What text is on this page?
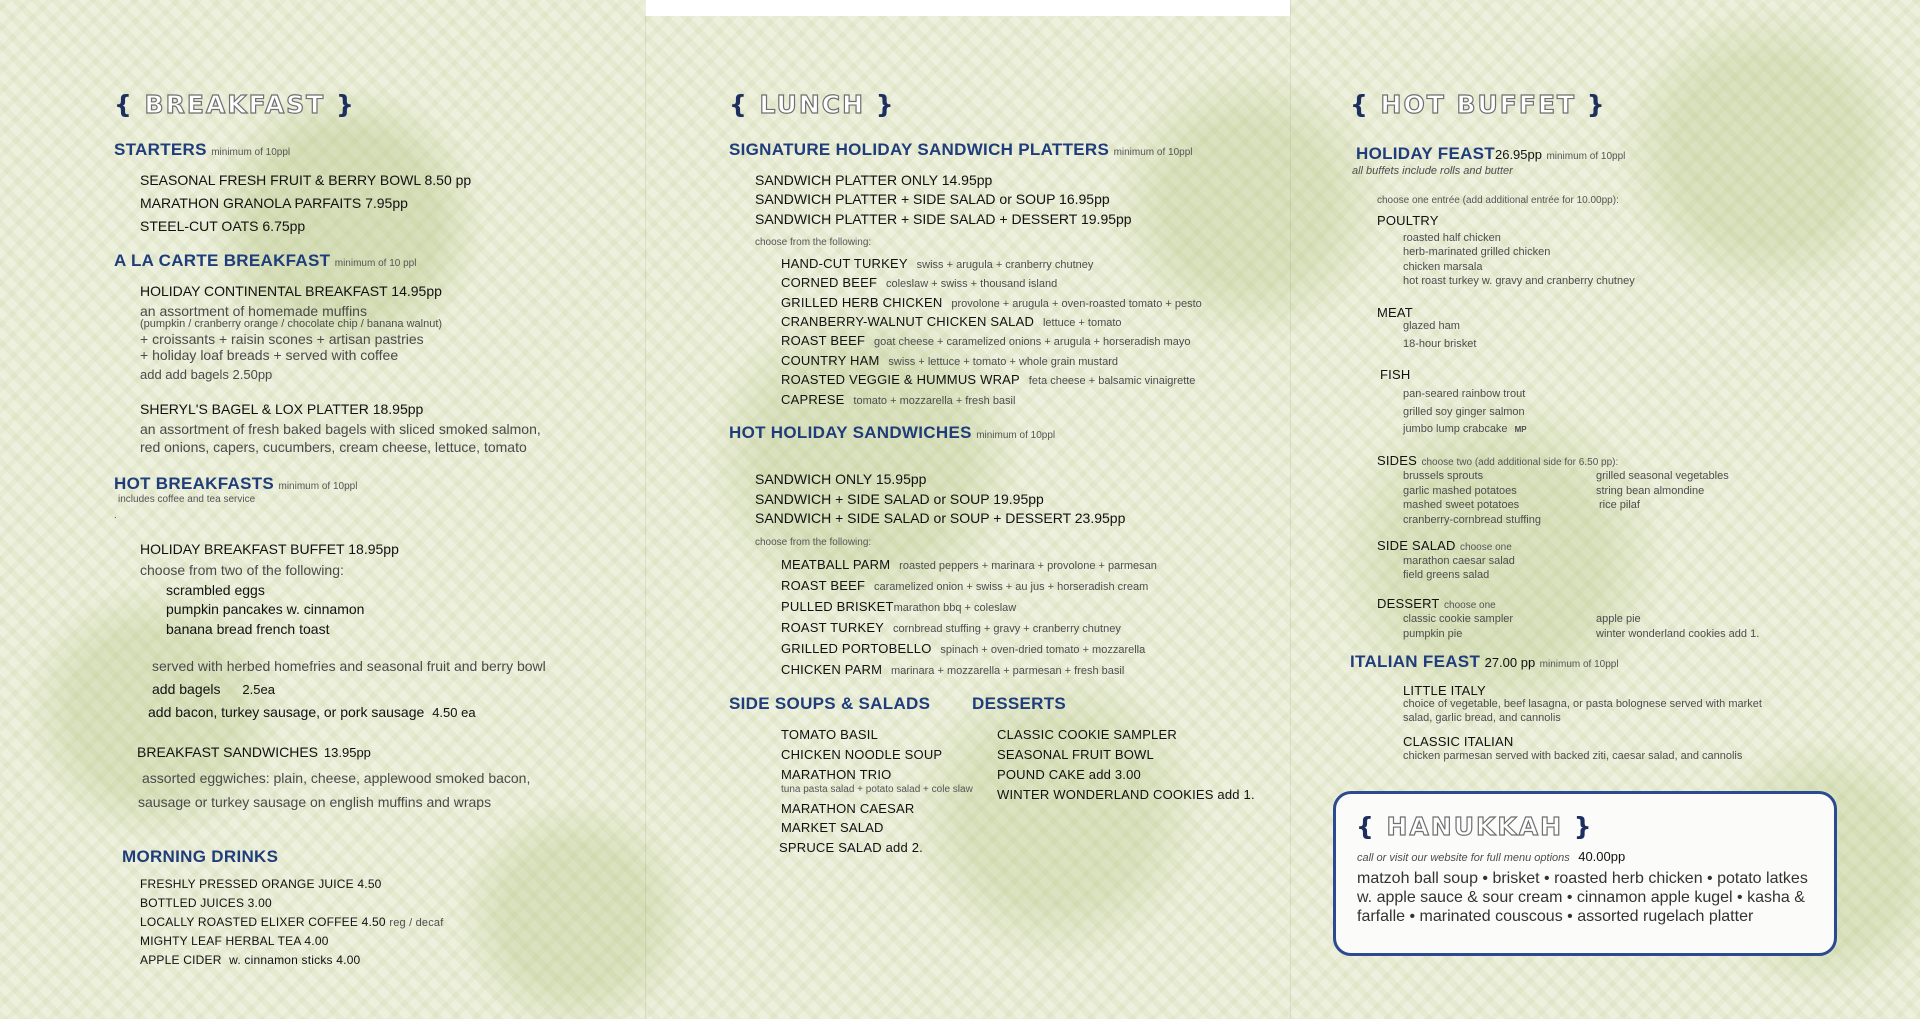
{ BREAKFAST }
STARTERS minimum of 10ppl
SEASONAL FRESH FRUIT & BERRY BOWL 8.50 pp
MARATHON GRANOLA PARFAITS 7.95pp
STEEL-CUT OATS 6.75pp
A LA CARTE BREAKFAST minimum of 10 ppl
HOLIDAY CONTINENTAL BREAKFAST 14.95pp
an assortment of homemade muffins
(pumpkin / cranberry orange / chocolate chip / banana walnut)
+ croissants + raisin scones + artisan pastries
+ holiday loaf breads + served with coffee
add add bagels 2.50pp
SHERYL'S BAGEL & LOX PLATTER 18.95pp
an assortment of fresh baked bagels with sliced smoked salmon,
red onions, capers, cucumbers, cream cheese, lettuce, tomato
HOT BREAKFASTS minimum of 10ppl
includes coffee and tea service
.
HOLIDAY BREAKFAST BUFFET 18.95pp
choose from two of the following:
scrambled eggs
pumpkin pancakes w. cinnamon
banana bread french toast
served with herbed homefries and seasonal fruit and berry bowl
add bagels 2.5ea
add bacon, turkey sausage, or pork sausage 4.50 ea
BREAKFAST SANDWICHES 13.95pp
assorted eggwiches: plain, cheese, applewood smoked bacon,
sausage or turkey sausage on english muffins and wraps
MORNING DRINKS
FRESHLY PRESSED ORANGE JUICE 4.50
BOTTLED JUICES 3.00
LOCALLY ROASTED ELIXER COFFEE 4.50 reg / decaf
MIGHTY LEAF HERBAL TEA 4.00
APPLE CIDER w. cinnamon sticks 4.00
{ LUNCH }
SIGNATURE HOLIDAY SANDWICH PLATTERS minimum of 10ppl
SANDWICH PLATTER ONLY 14.95pp
SANDWICH PLATTER + SIDE SALAD or SOUP 16.95pp
SANDWICH PLATTER + SIDE SALAD + DESSERT 19.95pp
choose from the following:
HAND-CUT TURKEY swiss + arugula + cranberry chutney
CORNED BEEF coleslaw + swiss + thousand island
GRILLED HERB CHICKEN provolone + arugula + oven-roasted tomato + pesto
CRANBERRY-WALNUT CHICKEN SALAD lettuce + tomato
ROAST BEEF goat cheese + caramelized onions + arugula + horseradish mayo
COUNTRY HAM swiss + lettuce + tomato + whole grain mustard
ROASTED VEGGIE & HUMMUS WRAP feta cheese + balsamic vinaigrette
CAPRESE tomato + mozzarella + fresh basil
HOT HOLIDAY SANDWICHES minimum of 10ppl
SANDWICH ONLY 15.95pp
SANDWICH + SIDE SALAD or SOUP 19.95pp
SANDWICH + SIDE SALAD or SOUP + DESSERT 23.95pp
choose from the following:
MEATBALL PARM roasted peppers + marinara + provolone + parmesan
ROAST BEEF caramelized onion + swiss + au jus + horseradish cream
PULLED BRISKETmarathon bbq + coleslaw
ROAST TURKEY cornbread stuffing + gravy + cranberry chutney
GRILLED PORTOBELLO spinach + oven-dried tomato + mozzarella
CHICKEN PARM marinara + mozzarella + parmesan + fresh basil
SIDE SOUPS & SALADS
TOMATO BASIL
CHICKEN NOODLE SOUP
MARATHON TRIO
tuna pasta salad + potato salad + cole slaw
MARATHON CAESAR
MARKET SALAD
SPRUCE SALAD add 2.
DESSERTS
CLASSIC COOKIE SAMPLER
SEASONAL FRUIT BOWL
POUND CAKE add 3.00
WINTER WONDERLAND COOKIES add 1.
{ HOT BUFFET }
HOLIDAY FEAST26.95pp minimum of 10ppl
all buffets include rolls and butter
choose one entrée (add additional entrée for 10.00pp):
POULTRY
roasted half chicken
herb-marinated grilled chicken
chicken marsala
hot roast turkey w. gravy and cranberry chutney
MEAT
glazed ham
18-hour brisket
FISH
pan-seared rainbow trout
grilled soy ginger salmon
jumbo lump crabcake MP
SIDES choose two (add additional side for 6.50 pp):
brussels sprouts
garlic mashed potatoes
mashed sweet potatoes
cranberry-cornbread stuffing
grilled seasonal vegetables
string bean almondine
rice pilaf
SIDE SALAD choose one
marathon caesar salad
field greens salad
DESSERT choose one
classic cookie sampler
pumpkin pie
apple pie
winter wonderland cookies add 1.
ITALIAN FEAST 27.00 pp minimum of 10ppl
LITTLE ITALY
choice of vegetable, beef lasagna, or pasta bolognese served with market
salad, garlic bread, and cannolis
CLASSIC ITALIAN
chicken parmesan served with backed ziti, caesar salad, and cannolis
{ HANUKKAH }
call or visit our website for full menu options 40.00pp
matzoh ball soup • brisket • roasted herb chicken • potato latkes
w. apple sauce & sour cream • cinnamon apple kugel • kasha &
farfalle • marinated couscous • assorted rugelach platter
